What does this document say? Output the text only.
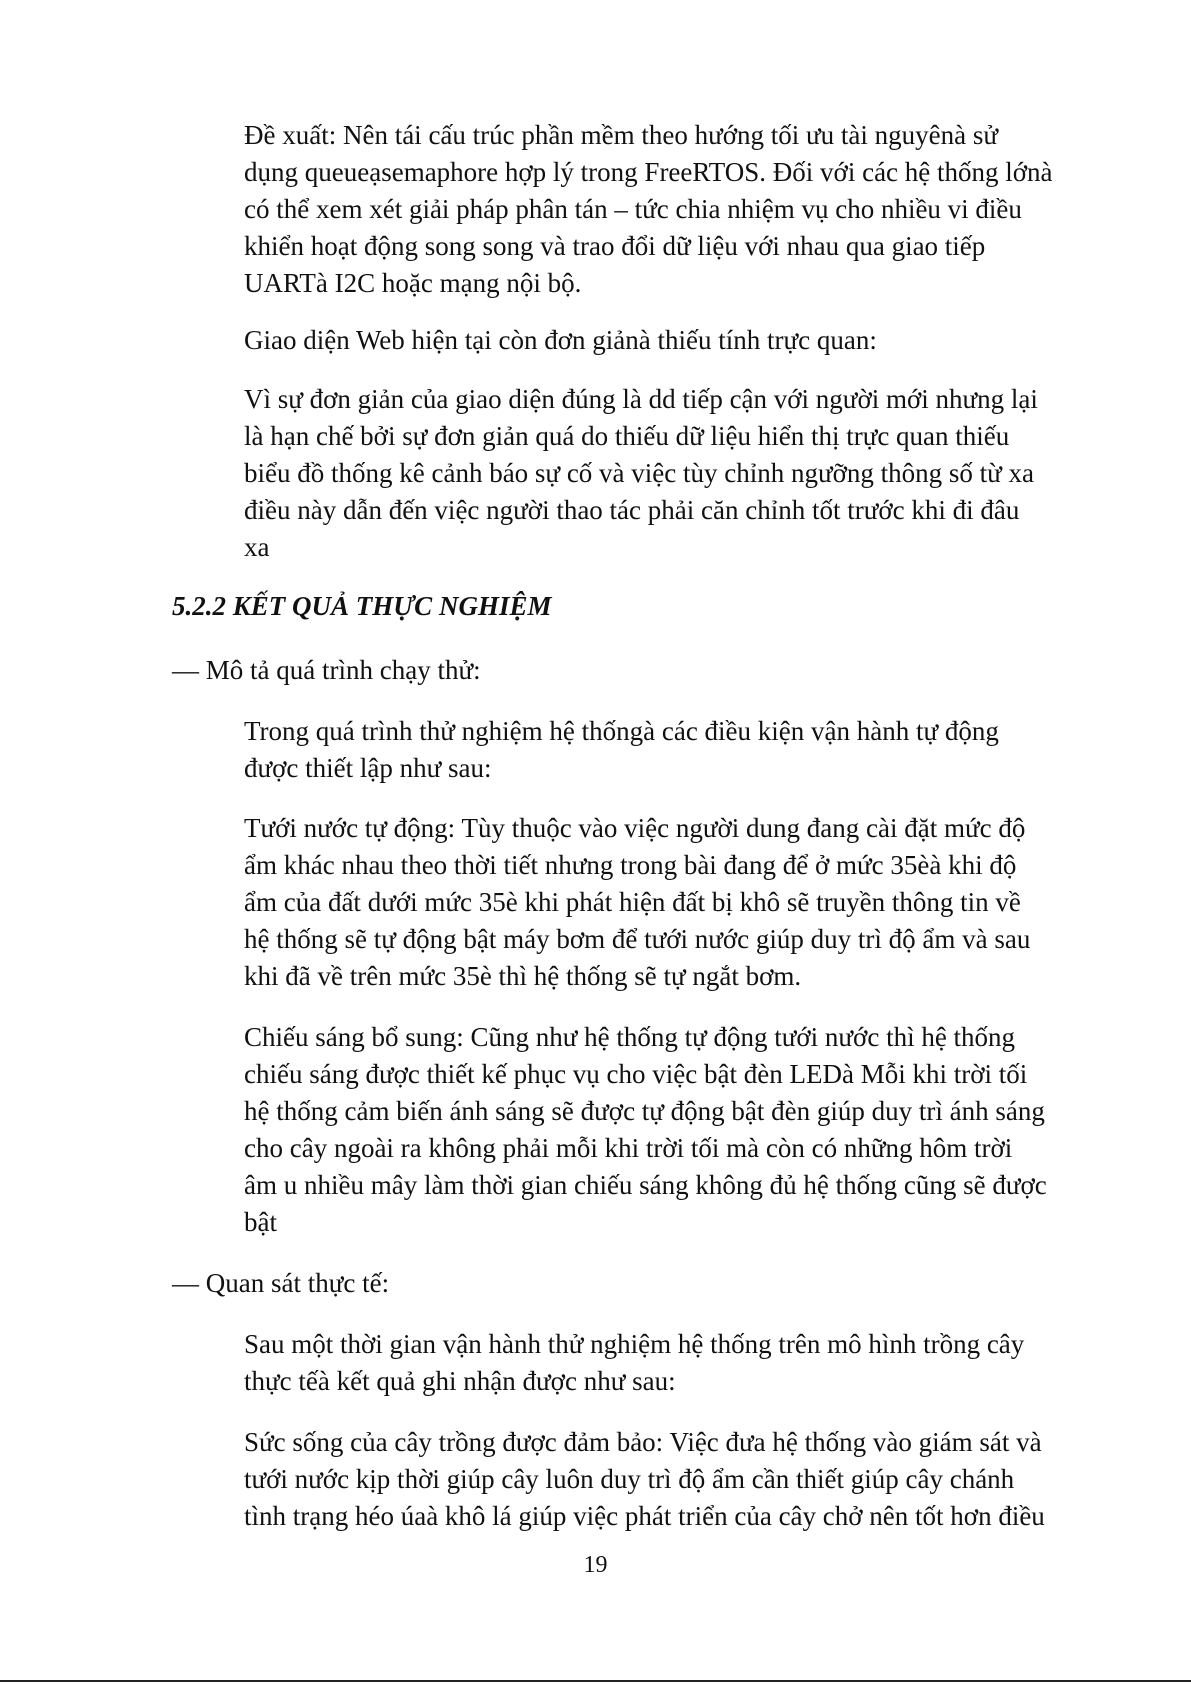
Đề xuất: Nên tái cấu trúc phần mềm theo hướng tối ưu tài nguyênà sử
dụng queueạsemaphore hợp lý trong FreeRTOS. Đối với các hệ thống lớnà
có thể xem xét giải pháp phân tán – tức chia nhiệm vụ cho nhiều vi điều
khiển hoạt động song song và trao đổi dữ liệu với nhau qua giao tiếp
UARTà I2C hoặc mạng nội bộ.

Giao diện Web hiện tại còn đơn giảnà thiếu tính trực quan:

Vì sự đơn giản của giao diện đúng là dd tiếp cận với người mới nhưng lại
là hạn chế bởi sự đơn giản quá do thiếu dữ liệu hiển thị trực quan thiếu
biểu đồ thống kê cảnh báo sự cố và việc tùy chỉnh ngưỡng thông số từ xa
điều này dẫn đến việc người thao tác phải căn chỉnh tốt trước khi đi đâu
xa

5.2.2 KẾT QUẢ THỰC NGHIỆM

— Mô tả quá trình chạy thử:

Trong quá trình thử nghiệm hệ thốngà các điều kiện vận hành tự động
được thiết lập như sau:

Tưới nước tự động: Tùy thuộc vào việc người dung đang cài đặt mức độ
ẩm khác nhau theo thời tiết nhưng trong bài đang để ở mức 35èà khi độ
ẩm của đất dưới mức 35è khi phát hiện đất bị khô sẽ truyền thông tin về
hệ thống sẽ tự động bật máy bơm để tưới nước giúp duy trì độ ẩm và sau
khi đã về trên mức 35è thì hệ thống sẽ tự ngắt bơm.

Chiếu sáng bổ sung: Cũng như hệ thống tự động tưới nước thì hệ thống
chiếu sáng được thiết kế phục vụ cho việc bật đèn LEDà Mỗi khi trời tối
hệ thống cảm biến ánh sáng sẽ được tự động bật đèn giúp duy trì ánh sáng
cho cây ngoài ra không phải mỗi khi trời tối mà còn có những hôm trời
âm u nhiều mây làm thời gian chiếu sáng không đủ hệ thống cũng sẽ được
bật

— Quan sát thực tế:

Sau một thời gian vận hành thử nghiệm hệ thống trên mô hình trồng cây
thực tếà kết quả ghi nhận được như sau:

Sức sống của cây trồng được đảm bảo: Việc đưa hệ thống vào giám sát và
tưới nước kịp thời giúp cây luôn duy trì độ ẩm cần thiết giúp cây chánh
tình trạng héo úaà khô lá giúp việc phát triển của cây chở nên tốt hơn điều

19
